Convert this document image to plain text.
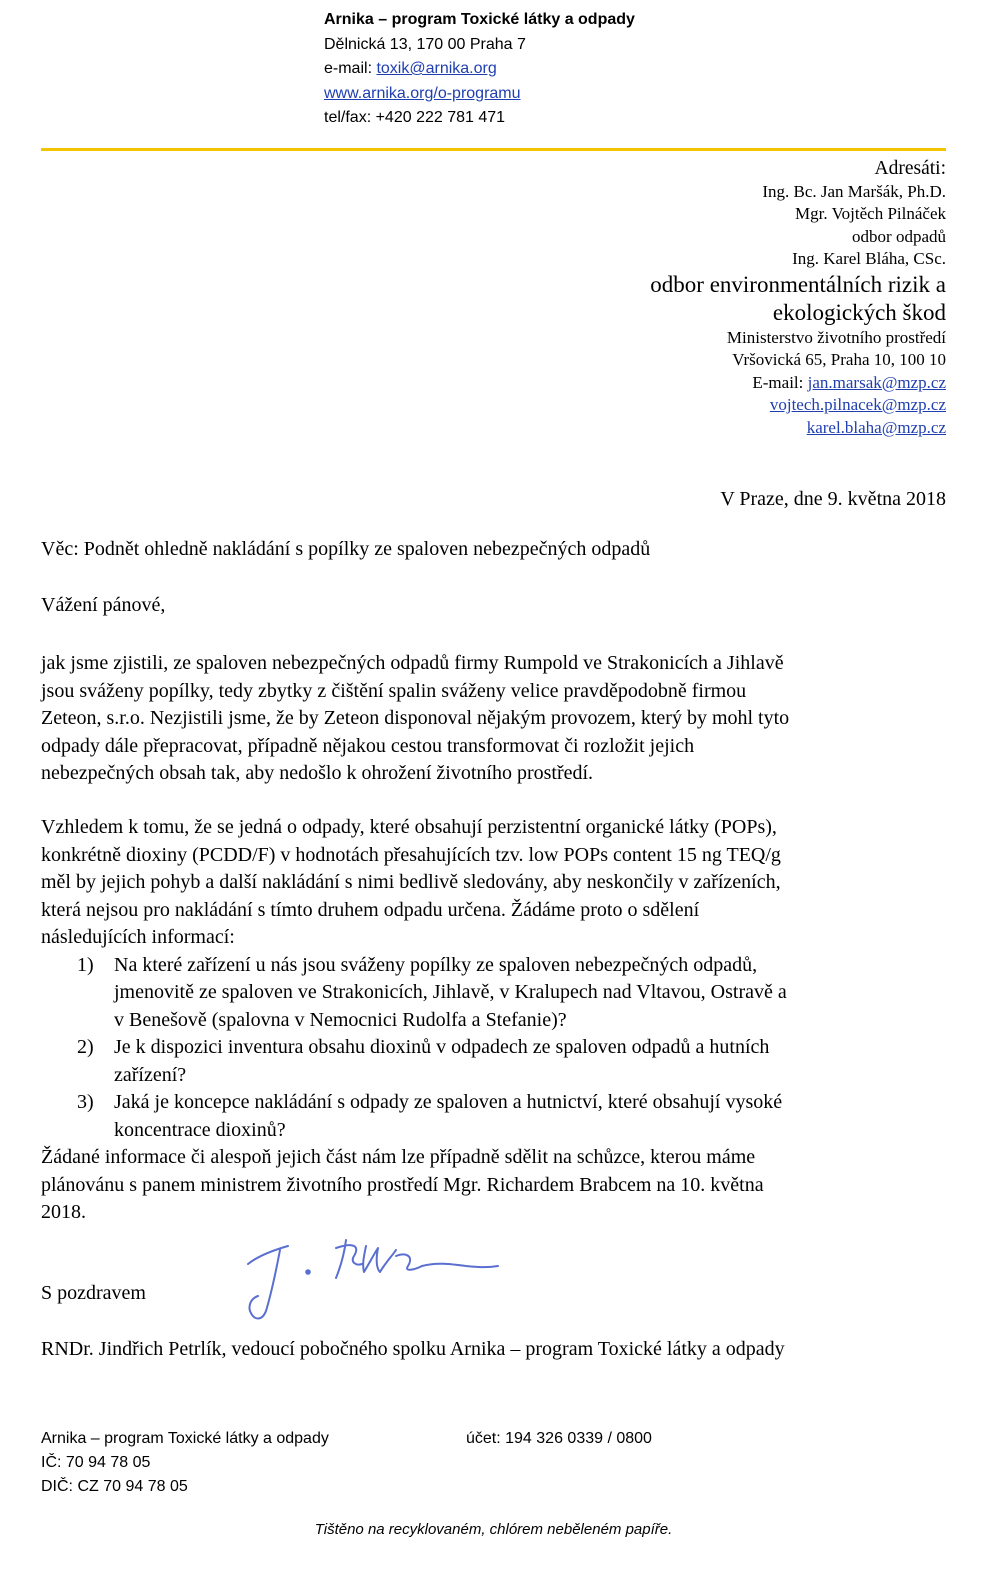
Arnika – program Toxické látky a odpady
Dělnická 13, 170 00 Praha 7
e-mail: toxik@arnika.org
www.arnika.org/o-programu
tel/fax: +420 222 781 471
Adresáti:
Ing. Bc. Jan Maršák, Ph.D.
Mgr. Vojtěch Pilnáček
odbor odpadů
Ing. Karel Bláha, CSc.
odbor environmentálních rizik a
ekologických škod
Ministerstvo životního prostředí
Vršovická 65, Praha 10, 100 10
E-mail: jan.marsak@mzp.cz
vojtech.pilnacek@mzp.cz
karel.blaha@mzp.cz
V Praze, dne 9. května 2018
Věc: Podnět ohledně nakládání s popílky ze spaloven nebezpečných odpadů
Vážení pánové,
jak jsme zjistili, ze spaloven nebezpečných odpadů firmy Rumpold ve Strakonicích a Jihlavě
jsou sváženy popílky, tedy zbytky z čištění spalin sváženy velice pravděpodobně firmou
Zeteon, s.r.o. Nezjistili jsme, že by Zeteon disponoval nějakým provozem, který by mohl tyto
odpady dále přepracovat, případně nějakou cestou transformovat či rozložit jejich
nebezpečných obsah tak, aby nedošlo k ohrožení životního prostředí.
Vzhledem k tomu, že se jedná o odpady, které obsahují perzistentní organické látky (POPs),
konkrétně dioxiny (PCDD/F) v hodnotách přesahujících tzv. low POPs content 15 ng TEQ/g
měl by jejich pohyb a další nakládání s nimi bedlivě sledovány, aby neskončily v zařízeních,
která nejsou pro nakládání s tímto druhem odpadu určena. Žádáme proto o sdělení
následujících informací:
1) Na které zařízení u nás jsou sváženy popílky ze spaloven nebezpečných odpadů,
jmenovitě ze spaloven ve Strakonicích, Jihlavě, v Kralupech nad Vltavou, Ostravě a
v Benešově (spalovna v Nemocnici Rudolfa a Stefanie)?
2) Je k dispozici inventura obsahu dioxinů v odpadech ze spaloven odpadů a hutních
zařízení?
3) Jaká je koncepce nakládání s odpady ze spaloven a hutnictví, které obsahují vysoké
koncentrace dioxinů?
Žádané informace či alespoň jejich část nám lze případně sdělit na schůzce, kterou máme
plánovánu s panem ministrem životního prostředí Mgr. Richardem Brabcem na 10. května
2018.
S pozdravem
RNDr. Jindřich Petrlík, vedoucí pobočného spolku Arnika – program Toxické látky a odpady
Arnika – program Toxické látky a odpady
IČ: 70 94 78 05
DIČ: CZ 70 94 78 05
účet: 194 326 0339 / 0800
Tištěno na recyklovaném, chlórem neběleném papíře.
